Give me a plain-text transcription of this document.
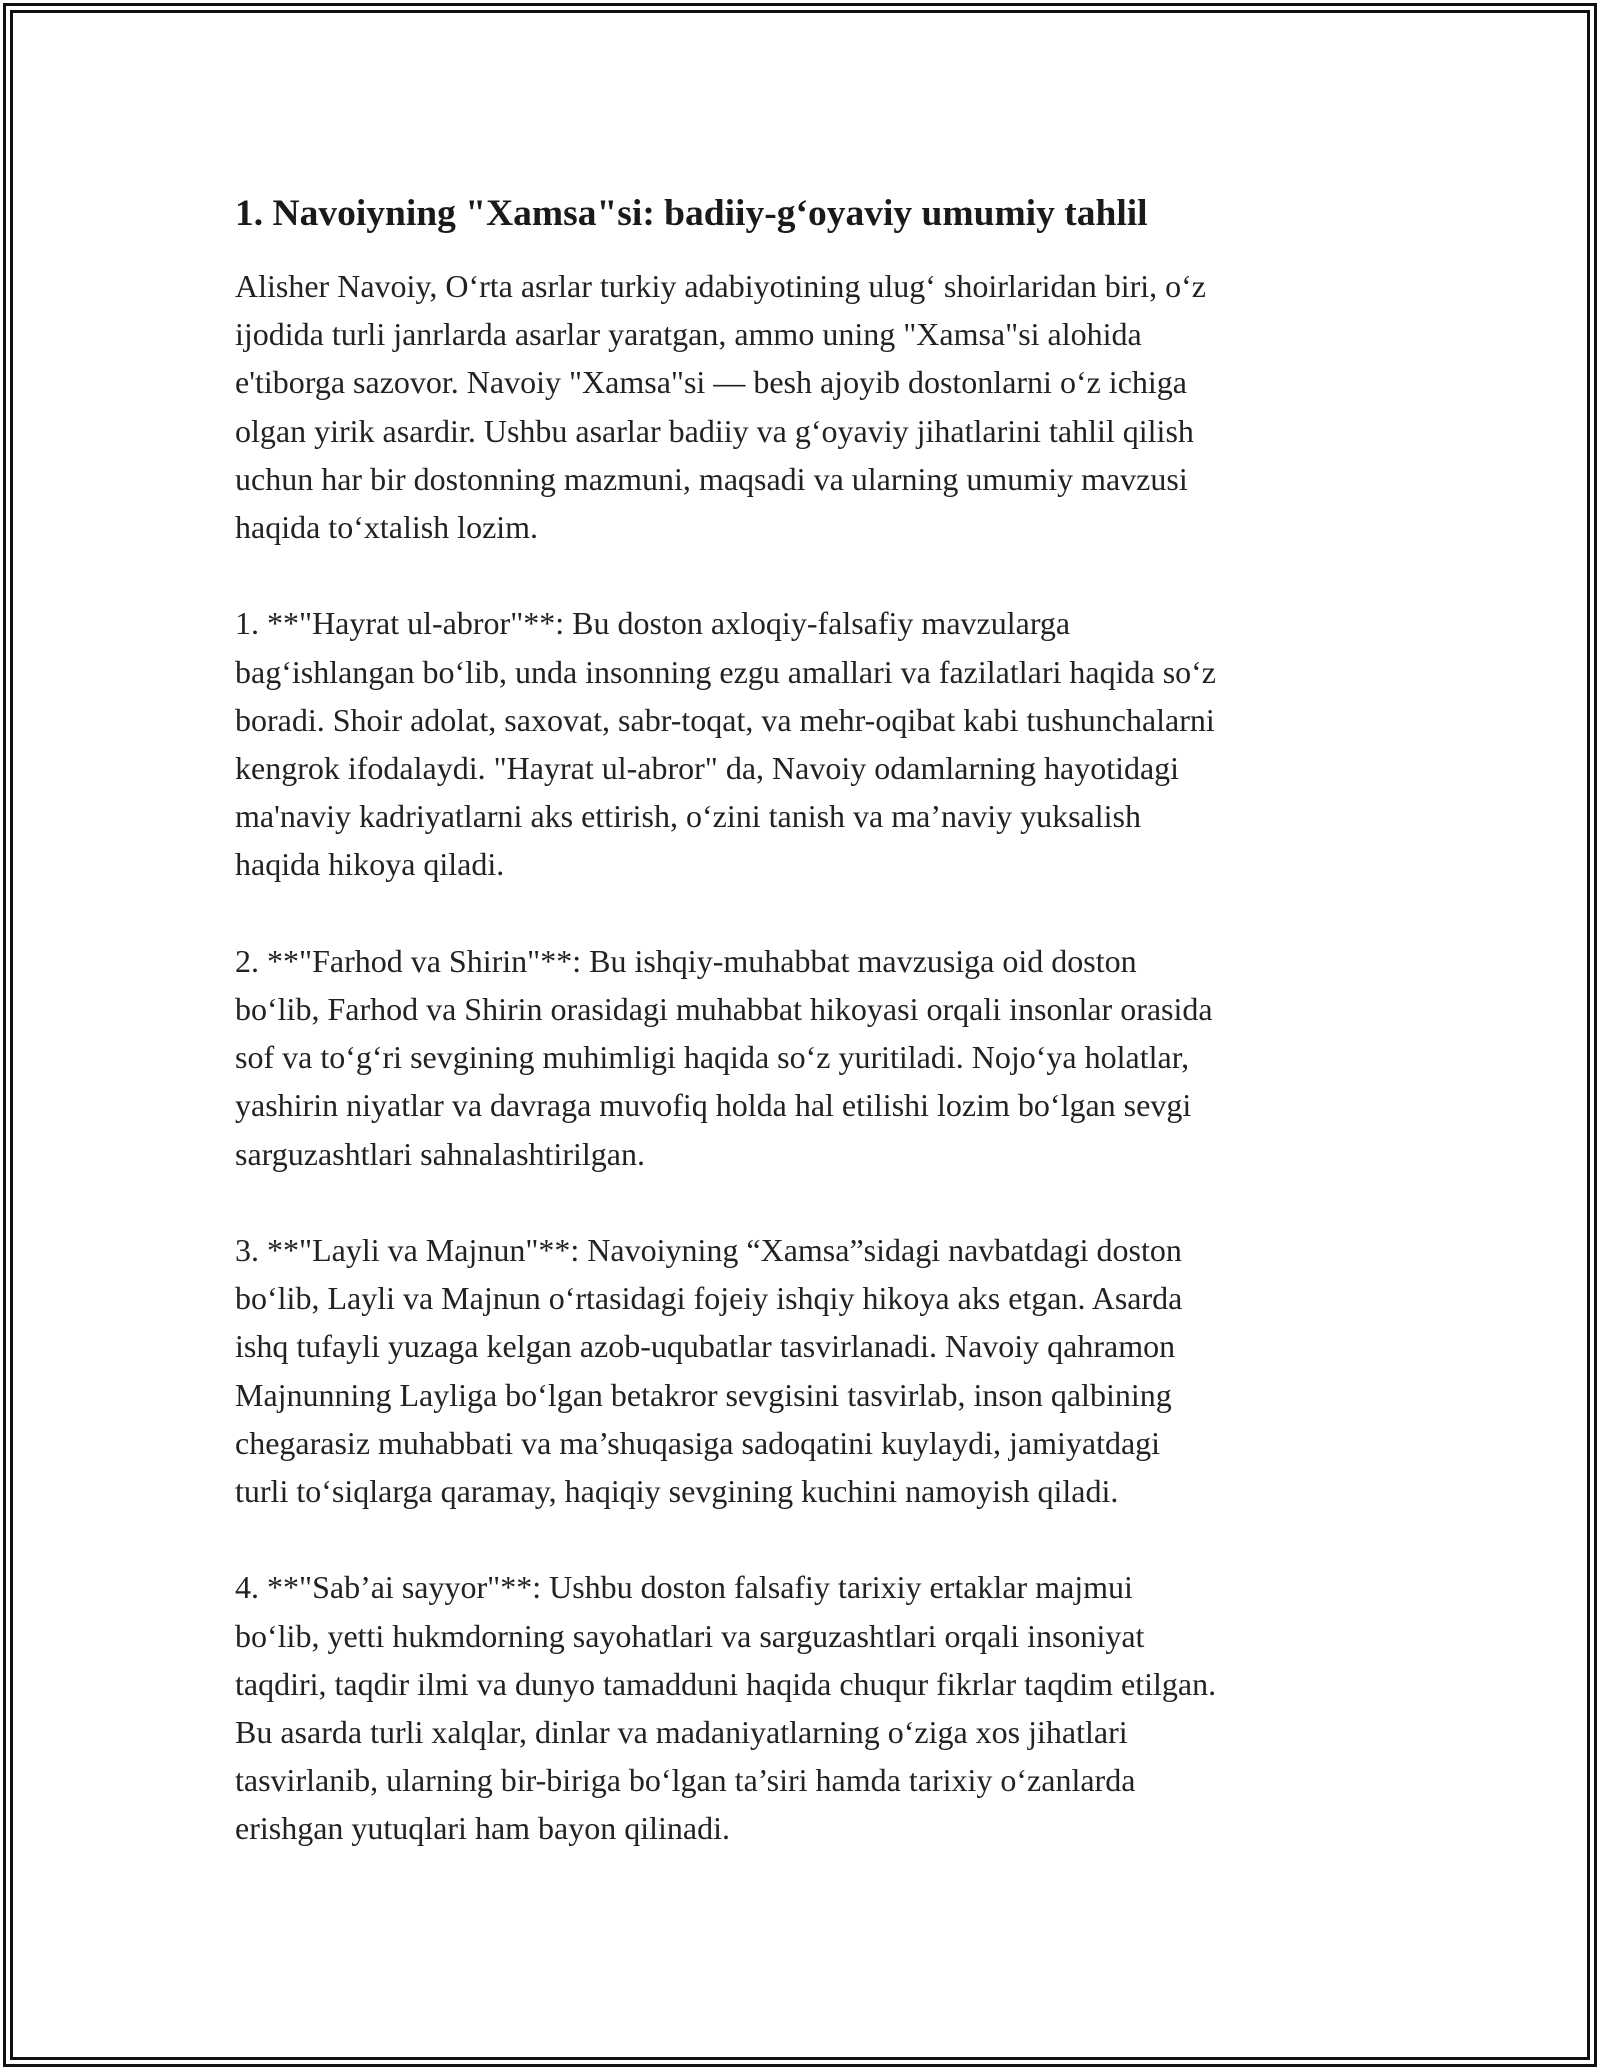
1. Navoiyning "Xamsa"si: badiiy-g‘oyaviy umumiy tahlil

Alisher Navoiy, O‘rta asrlar turkiy adabiyotining ulug‘ shoirlaridan biri, o‘z
ijodida turli janrlarda asarlar yaratgan, ammo uning "Xamsa"si alohida
e'tiborga sazovor. Navoiy "Xamsa"si — besh ajoyib dostonlarni o‘z ichiga
olgan yirik asardir. Ushbu asarlar badiiy va g‘oyaviy jihatlarini tahlil qilish
uchun har bir dostonning mazmuni, maqsadi va ularning umumiy mavzusi
haqida to‘xtalish lozim.

1. **"Hayrat ul-abror"**: Bu doston axloqiy-falsafiy mavzularga
bag‘ishlangan bo‘lib, unda insonning ezgu amallari va fazilatlari haqida so‘z
boradi. Shoir adolat, saxovat, sabr-toqat, va mehr-oqibat kabi tushunchalarni
kengrok ifodalaydi. "Hayrat ul-abror" da, Navoiy odamlarning hayotidagi
ma'naviy kadriyatlarni aks ettirish, o‘zini tanish va ma’naviy yuksalish
haqida hikoya qiladi.

2. **"Farhod va Shirin"**: Bu ishqiy-muhabbat mavzusiga oid doston
bo‘lib, Farhod va Shirin orasidagi muhabbat hikoyasi orqali insonlar orasida
sof va to‘g‘ri sevgining muhimligi haqida so‘z yuritiladi. Nojo‘ya holatlar,
yashirin niyatlar va davraga muvofiq holda hal etilishi lozim bo‘lgan sevgi
sarguzashtlari sahnalashtirilgan.

3. **"Layli va Majnun"**: Navoiyning “Xamsa”sidagi navbatdagi doston
bo‘lib, Layli va Majnun o‘rtasidagi fojeiy ishqiy hikoya aks etgan. Asarda
ishq tufayli yuzaga kelgan azob-uqubatlar tasvirlanadi. Navoiy qahramon
Majnunning Layliga bo‘lgan betakror sevgisini tasvirlab, inson qalbining
chegarasiz muhabbati va ma’shuqasiga sadoqatini kuylaydi, jamiyatdagi
turli to‘siqlarga qaramay, haqiqiy sevgining kuchini namoyish qiladi.

4. **"Sab’ai sayyor"**: Ushbu doston falsafiy tarixiy ertaklar majmui
bo‘lib, yetti hukmdorning sayohatlari va sarguzashtlari orqali insoniyat
taqdiri, taqdir ilmi va dunyo tamadduni haqida chuqur fikrlar taqdim etilgan.
Bu asarda turli xalqlar, dinlar va madaniyatlarning o‘ziga xos jihatlari
tasvirlanib, ularning bir-biriga bo‘lgan ta’siri hamda tarixiy o‘zanlarda
erishgan yutuqlari ham bayon qilinadi.
